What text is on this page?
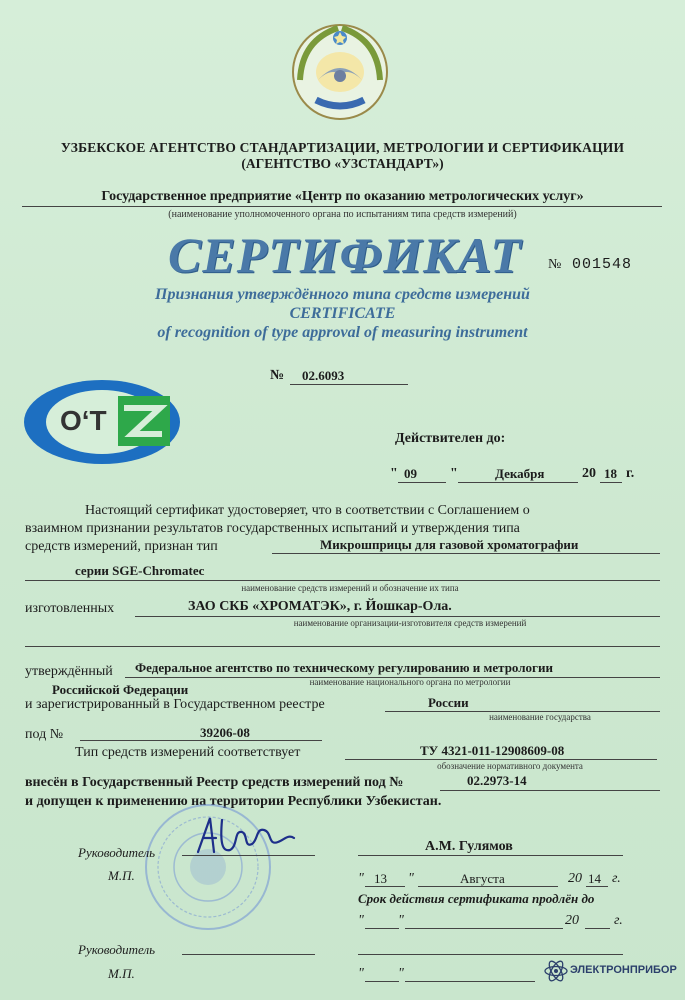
УЗБЕКСКОЕ АГЕНТСТВО СТАНДАРТИЗАЦИИ, МЕТРОЛОГИИ И СЕРТИФИКАЦИИ
(АГЕНТСТВО «УЗСТАНДАРТ»)
Государственное предприятие «Центр по оказанию метрологических услуг»
(наименование уполномоченного органа по испытаниям типа средств измерений)
СЕРТИФИКАТ № 001548
Признания утверждённого типа средств измерений
CERTIFICATE
of recognition of type approval of measuring instrument
№ 02.6093
O‘T
Действителен до:
" 09 "	Декабря	20 18 г.
Настоящий сертификат удостоверяет, что в соответствии с Соглашением о
взаимном признании результатов государственных испытаний и утверждения типа
средств измерений, признан тип	Микрошприцы для газовой хроматографии
серии SGE-Chromatec
наименование средств измерений и обозначение их типа
изготовленных	ЗАО СКБ «ХРОМАТЭК», г. Йошкар-Ола.
наименование организации-изготовителя средств измерений
утверждённый Федеральное агентство по техническому регулированию и метрологии
наименование национального органа по метрологии
Российской Федерации
и зарегистрированный в Государственном реестре	России
наименование государства
под №	39206-08
Тип средств измерений соответствует	ТУ 4321-011-12908609-08
обозначение нормативного документа
внесён в Государственный Реестр средств измерений под №	02.2973-14
и допущен к применению на территории Республики Узбекистан.
Руководитель	А.М. Гулямов
М.П.	" 13 "	Августа	20 14 г.
Срок действия сертификата продлён до
" "	20	г.
Руководитель
М.П.	" "	ЭЛЕКТРОНПРИБОР
